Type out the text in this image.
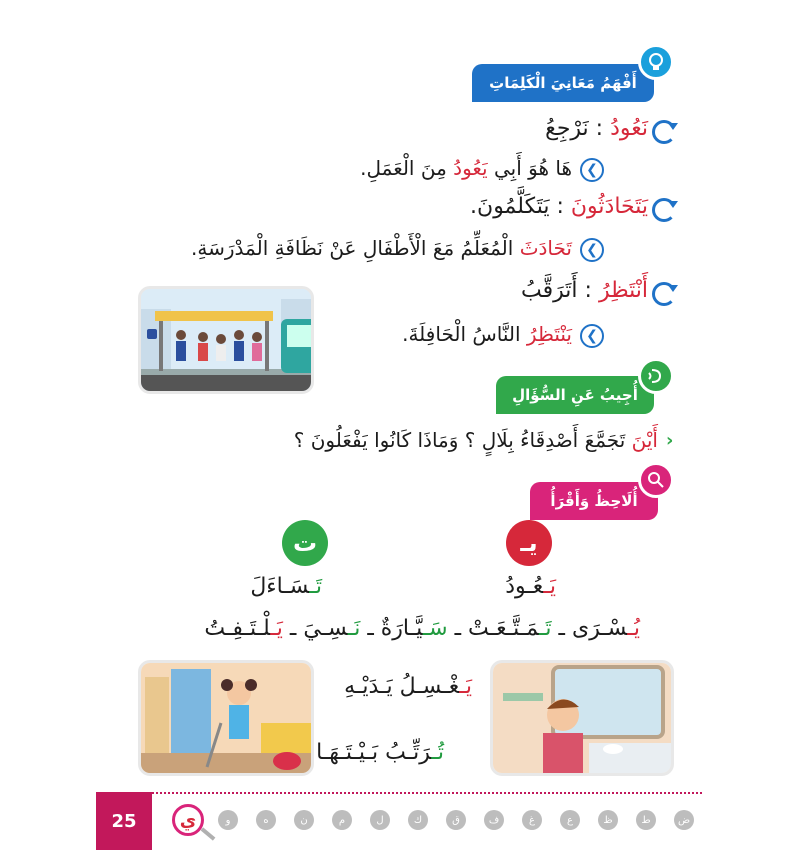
أَفْهَمُ مَعَانِيَ الْكَلِمَاتِ
نَعُودُ : نَرْجِعُ
❮
هَا هُوَ أَبِي يَعُودُ مِنَ الْعَمَلِ.
يَتَحَادَثُونَ : يَتَكَلَّمُونَ.
❮
تَحَادَثَ الْمُعَلِّمُ مَعَ الْأَطْفَالِ عَنْ نَظَافَةِ الْمَدْرَسَةِ.
أَنْتَظِرُ : أَتَرَقَّبُ
❮
يَنْتَظِرُ النَّاسُ الْحَافِلَةَ.
أُجِيبُ عَنِ السُّؤَالِ
أَيْنَ تَجَمَّعَ أَصْدِقَاءُ بِلَالٍ ؟ وَمَاذَا كَانُوا يَفْعَلُونَ ؟	›
أُلَاحِظُ وَأَقْرَأُ
يـ
ت
يَـعُـودُ
تَـسَـاءَلَ
يُـسْـرَى ـ تَـمَـتَّـعَـتْ ـ سَـيَّـارَةٌ ـ نَـسِـيَ ـ يَـلْـتَـفِـتُ
يَـغْـسِـلُ يَـدَيْـهِ
تُـرَتِّـبُ بَـيْـتَـهَـا
25 ي	ض
ط
ظ
ع
غ
ف
ق
ك
ل
م
ن
ه
و
